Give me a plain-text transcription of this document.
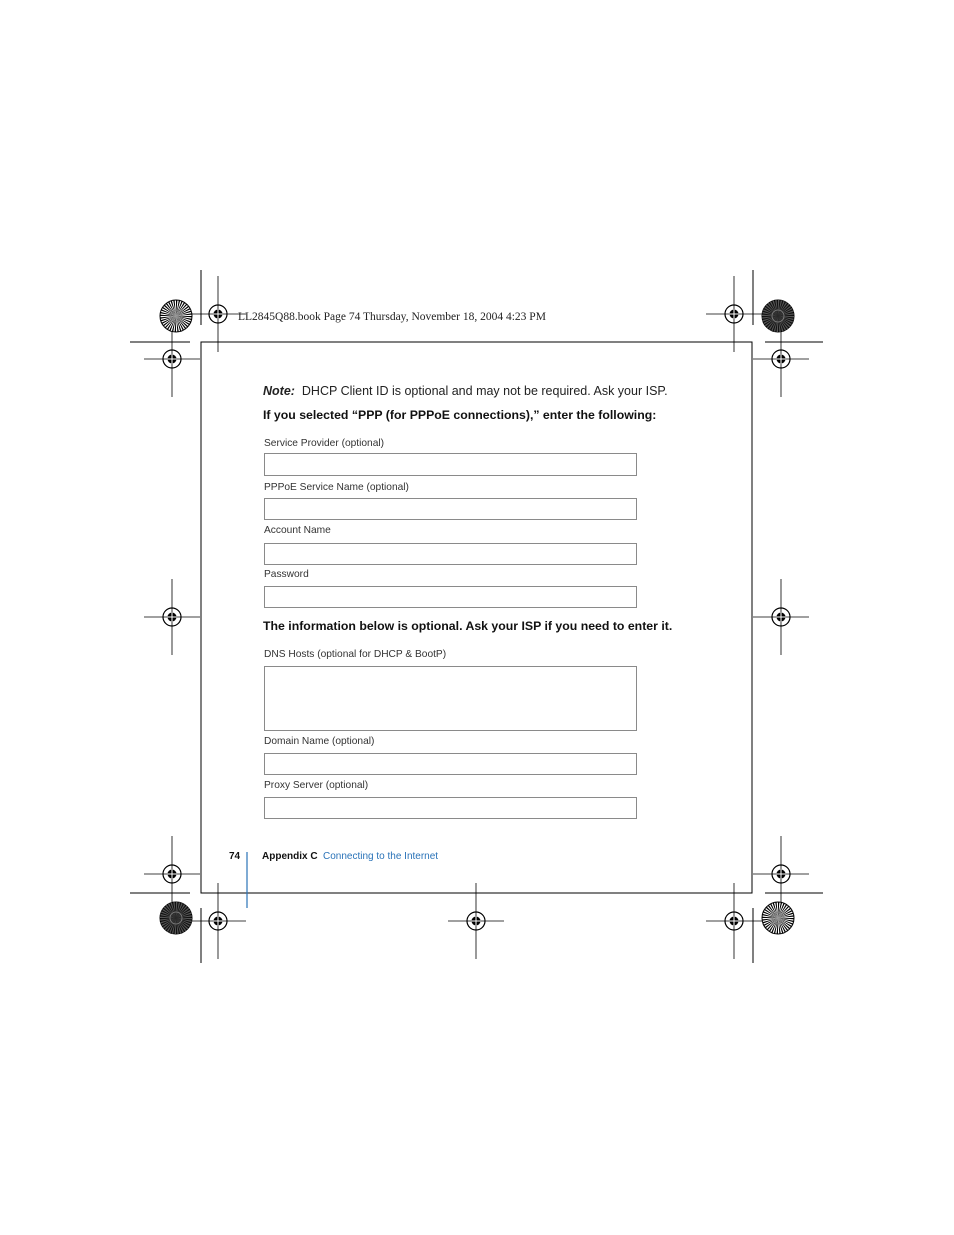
LL2845Q88.book Page 74 Thursday, November 18, 2004 4:23 PM
Note: DHCP Client ID is optional and may not be required. Ask your ISP.
If you selected “PPP (for PPPoE connections),” enter the following:
Service Provider (optional)
PPPoE Service Name (optional)
Account Name
Password
The information below is optional. Ask your ISP if you need to enter it.
DNS Hosts (optional for DHCP & BootP)
Domain Name (optional)
Proxy Server (optional)
74 Appendix C Connecting to the Internet
